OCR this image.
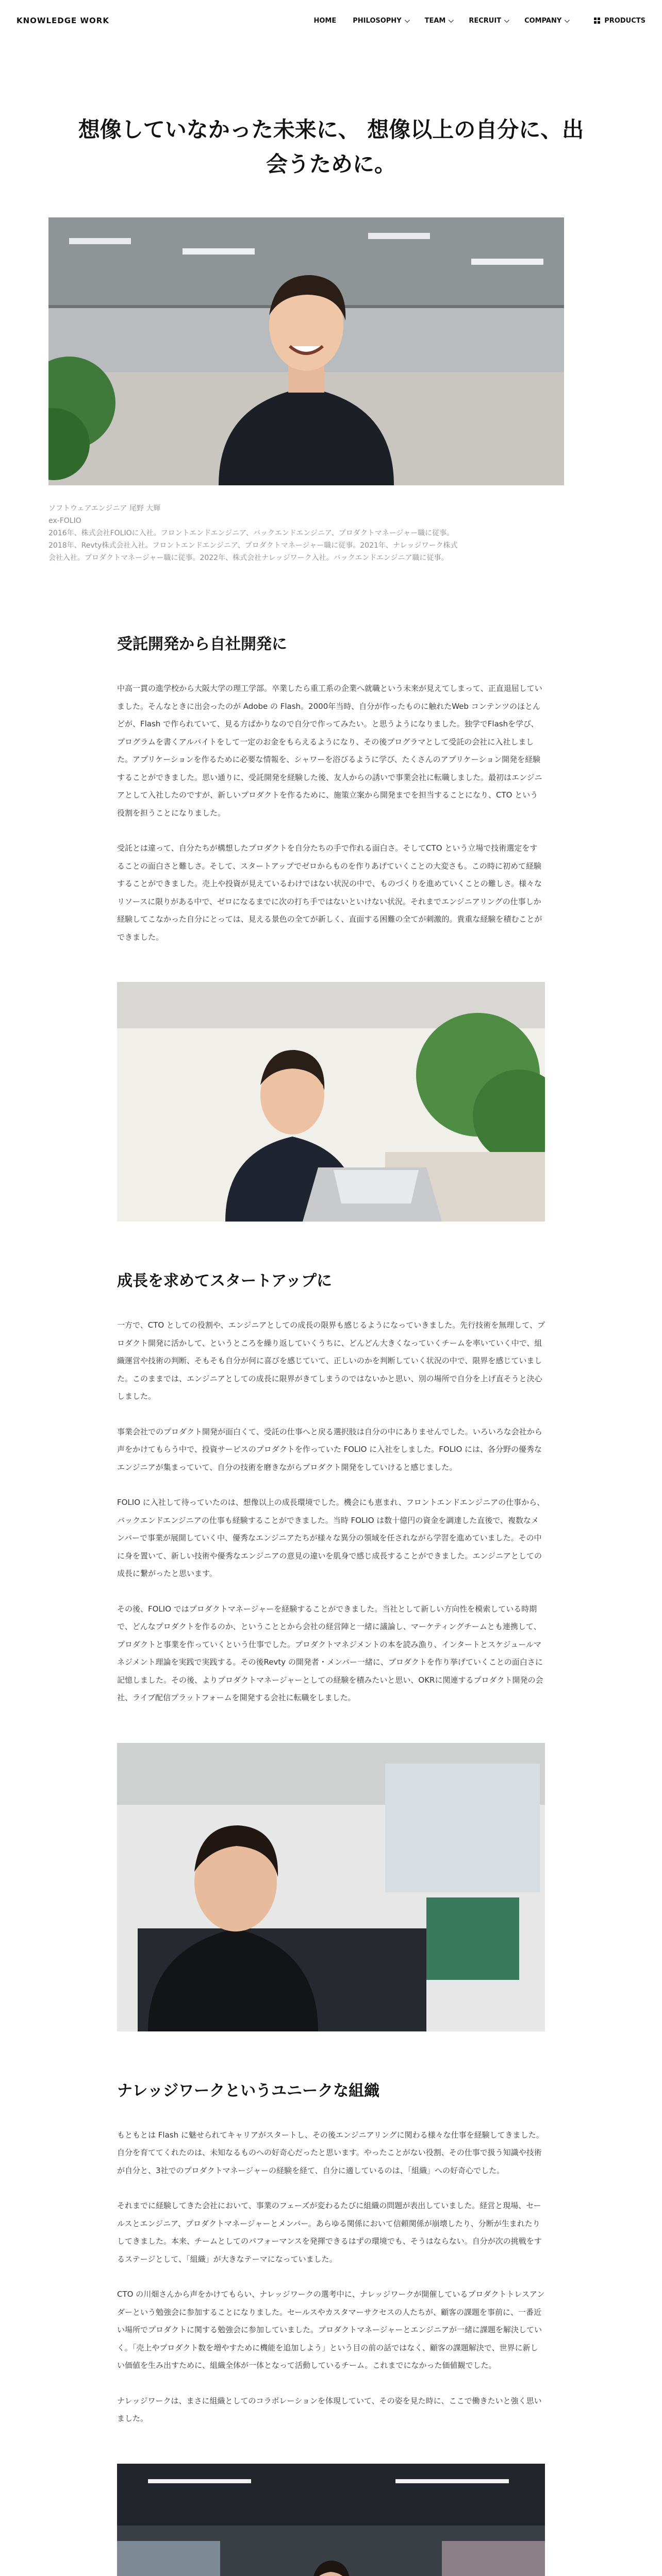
KNOWLEDGE WORK	HOME PHILOSOPHY	TEAM	RECRUIT	COMPANY	PRODUCTS
想像していなかった未来に、 想像以上の自分に、出会うために。
ソフトウェアエンジニア 尾野 大輝
ex-FOLIO
2016年、株式会社FOLIOに入社。フロントエンドエンジニア、バックエンドエンジニア、プロダクトマネージャー職に従事。2018年、Revty株式会社入社。フロントエンドエンジニア、プロダクトマネージャー職に従事。2021年、ナレッジワーク株式会社入社。プロダクトマネージャー職に従事。2022年、株式会社ナレッジワーク入社。バックエンドエンジニア職に従事。
受託開発から自社開発に

中高一貫の進学校から大阪大学の理工学部。卒業したら重工系の企業へ就職という未来が見えてしまって、正直退屈していました。そんなときに出会ったのが Adobe の Flash。2000年当時、自分が作ったものに触れたWeb コンテンツのほとんどが、Flash で作られていて、見る方ばかりなので自分で作ってみたい。と思うようになりました。独学でFlashを学び、プログラムを書くアルバイトをして一定のお金をもらえるようになり、その後プログラマとして受託の会社に入社しました。アプリケーションを作るために必要な情報を、シャワーを浴びるように学び、たくさんのアプリケーション開発を経験することができました。思い通りに、受託開発を経験した後、友人からの誘いで事業会社に転職しました。最初はエンジニアとして入社したのですが、新しいプロダクトを作るために、施策立案から開発までを担当することになり、CTO という役割を担うことになりました。

受託とは違って、自分たちが構想したプロダクトを自分たちの手で作れる面白さ。そしてCTO という立場で技術選定をすることの面白さと難しさ。そして、スタートアップでゼロからものを作りあげていくことの大変さも。この時に初めて経験することができました。売上や投資が見えているわけではない状況の中で、ものづくりを進めていくことの難しさ。様々なリソースに限りがある中で、ゼロになるまでに次の打ち手ではないといけない状況。それまでエンジニアリングの仕事しか経験してこなかった自分にとっては、見える景色の全てが新しく、直面する困難の全てが刺激的。貴重な経験を積むことができました。

成長を求めてスタートアップに

一方で、CTO としての役割や、エンジニアとしての成長の限界も感じるようになっていきました。先行技術を無理して、プロダクト開発に活かして、というところを繰り返していくうちに、どんどん大きくなっていくチームを率いていく中で、組織運営や技術の判断、そもそも自分が何に喜びを感じていて、正しいのかを判断していく状況の中で、限界を感じていました。このままでは、エンジニアとしての成長に限界がきてしまうのではないかと思い、別の場所で自分を上げ直そうと決心しました。

事業会社でのプロダクト開発が面白くて、受託の仕事へと戻る選択肢は自分の中にありませんでした。いろいろな会社から声をかけてもらう中で、投資サービスのプロダクトを作っていた FOLIO に入社をしました。FOLIO には、各分野の優秀なエンジニアが集まっていて、自分の技術を磨きながらプロダクト開発をしていけると感じました。

FOLIO に入社して待っていたのは、想像以上の成長環境でした。機会にも恵まれ、フロントエンドエンジニアの仕事から、バックエンドエンジニアの仕事も経験することができました。当時 FOLIO は数十億円の資金を調達した直後で、複数なメンバーで事業が展開していく中、優秀なエンジニアたちが様々な異分の領域を任されながら学習を進めていました。その中に身を置いて、新しい技術や優秀なエンジニアの意見の違いを肌身で感じ成長することができました。エンジニアとしての成長に繋がったと思います。

その後、FOLIO ではプロダクトマネージャーを経験することができました。当社として新しい方向性を模索している時期で、どんなプロダクトを作るのか、ということとから会社の経営陣と一緒に議論し、マーケティングチームとも連携して、プロダクトと事業を作っていくという仕事でした。プロダクトマネジメントの本を読み漁り、インタートとスケジュールマネジメント理論を実践で実践する。その後Revty の開発者・メンバー一緒に、プロダクトを作り挙げていくことの面白さに記憶しました。その後、よりプロダクトマネージャーとしての経験を積みたいと思い、OKRに関連するプロダクト開発の会社、ライブ配信プラットフォームを開発する会社に転職をしました。

ナレッジワークというユニークな組織

もともとは Flash に魅せられてキャリアがスタートし、その後エンジニアリングに関わる様々な仕事を経験してきました。自分を育ててくれたのは、未知なるものへの好奇心だったと思います。やったことがない役割、その仕事で扱う知識や技術が自分と、3社でのプロダクトマネージャーの経験を経て、自分に適しているのは、「組織」への好奇心でした。

それまでに経験してきた会社において、事業のフェーズが変わるたびに組織の問題が表出していました。経営と現場、セールスとエンジニア、プロダクトマネージャーとメンバー。あらゆる関係において信頼関係が崩壊したり、分断が生まれたりしてきました。本来、チームとしてのパフォーマンスを発揮できるはずの環境でも、そうはならない。自分が次の挑戦をするステージとして、「組織」が大きなテーマになっていました。

CTO の川畑さんから声をかけてもらい、ナレッジワークの選考中に、ナレッジワークが開催しているプロダクトトレスアンダーという勉強会に参加することになりました。セールスやカスタマーサクセスの人たちが、顧客の課題を事前に、一番近い場所でプロダクトに関する勉強会に参加していました。プロダクトマネージャーとエンジニアが一緒に課題を解決していく。「売上やプロダクト数を増やすために機能を追加しよう」という目の前の話ではなく、顧客の課題解決で、世界に新しい価値を生み出すために、組織全体が一体となって活動しているチーム。これまでになかった価値観でした。

ナレッジワークは、まさに組織としてのコラボレーションを体現していて、その姿を見た時に、ここで働きたいと強く思いました。
